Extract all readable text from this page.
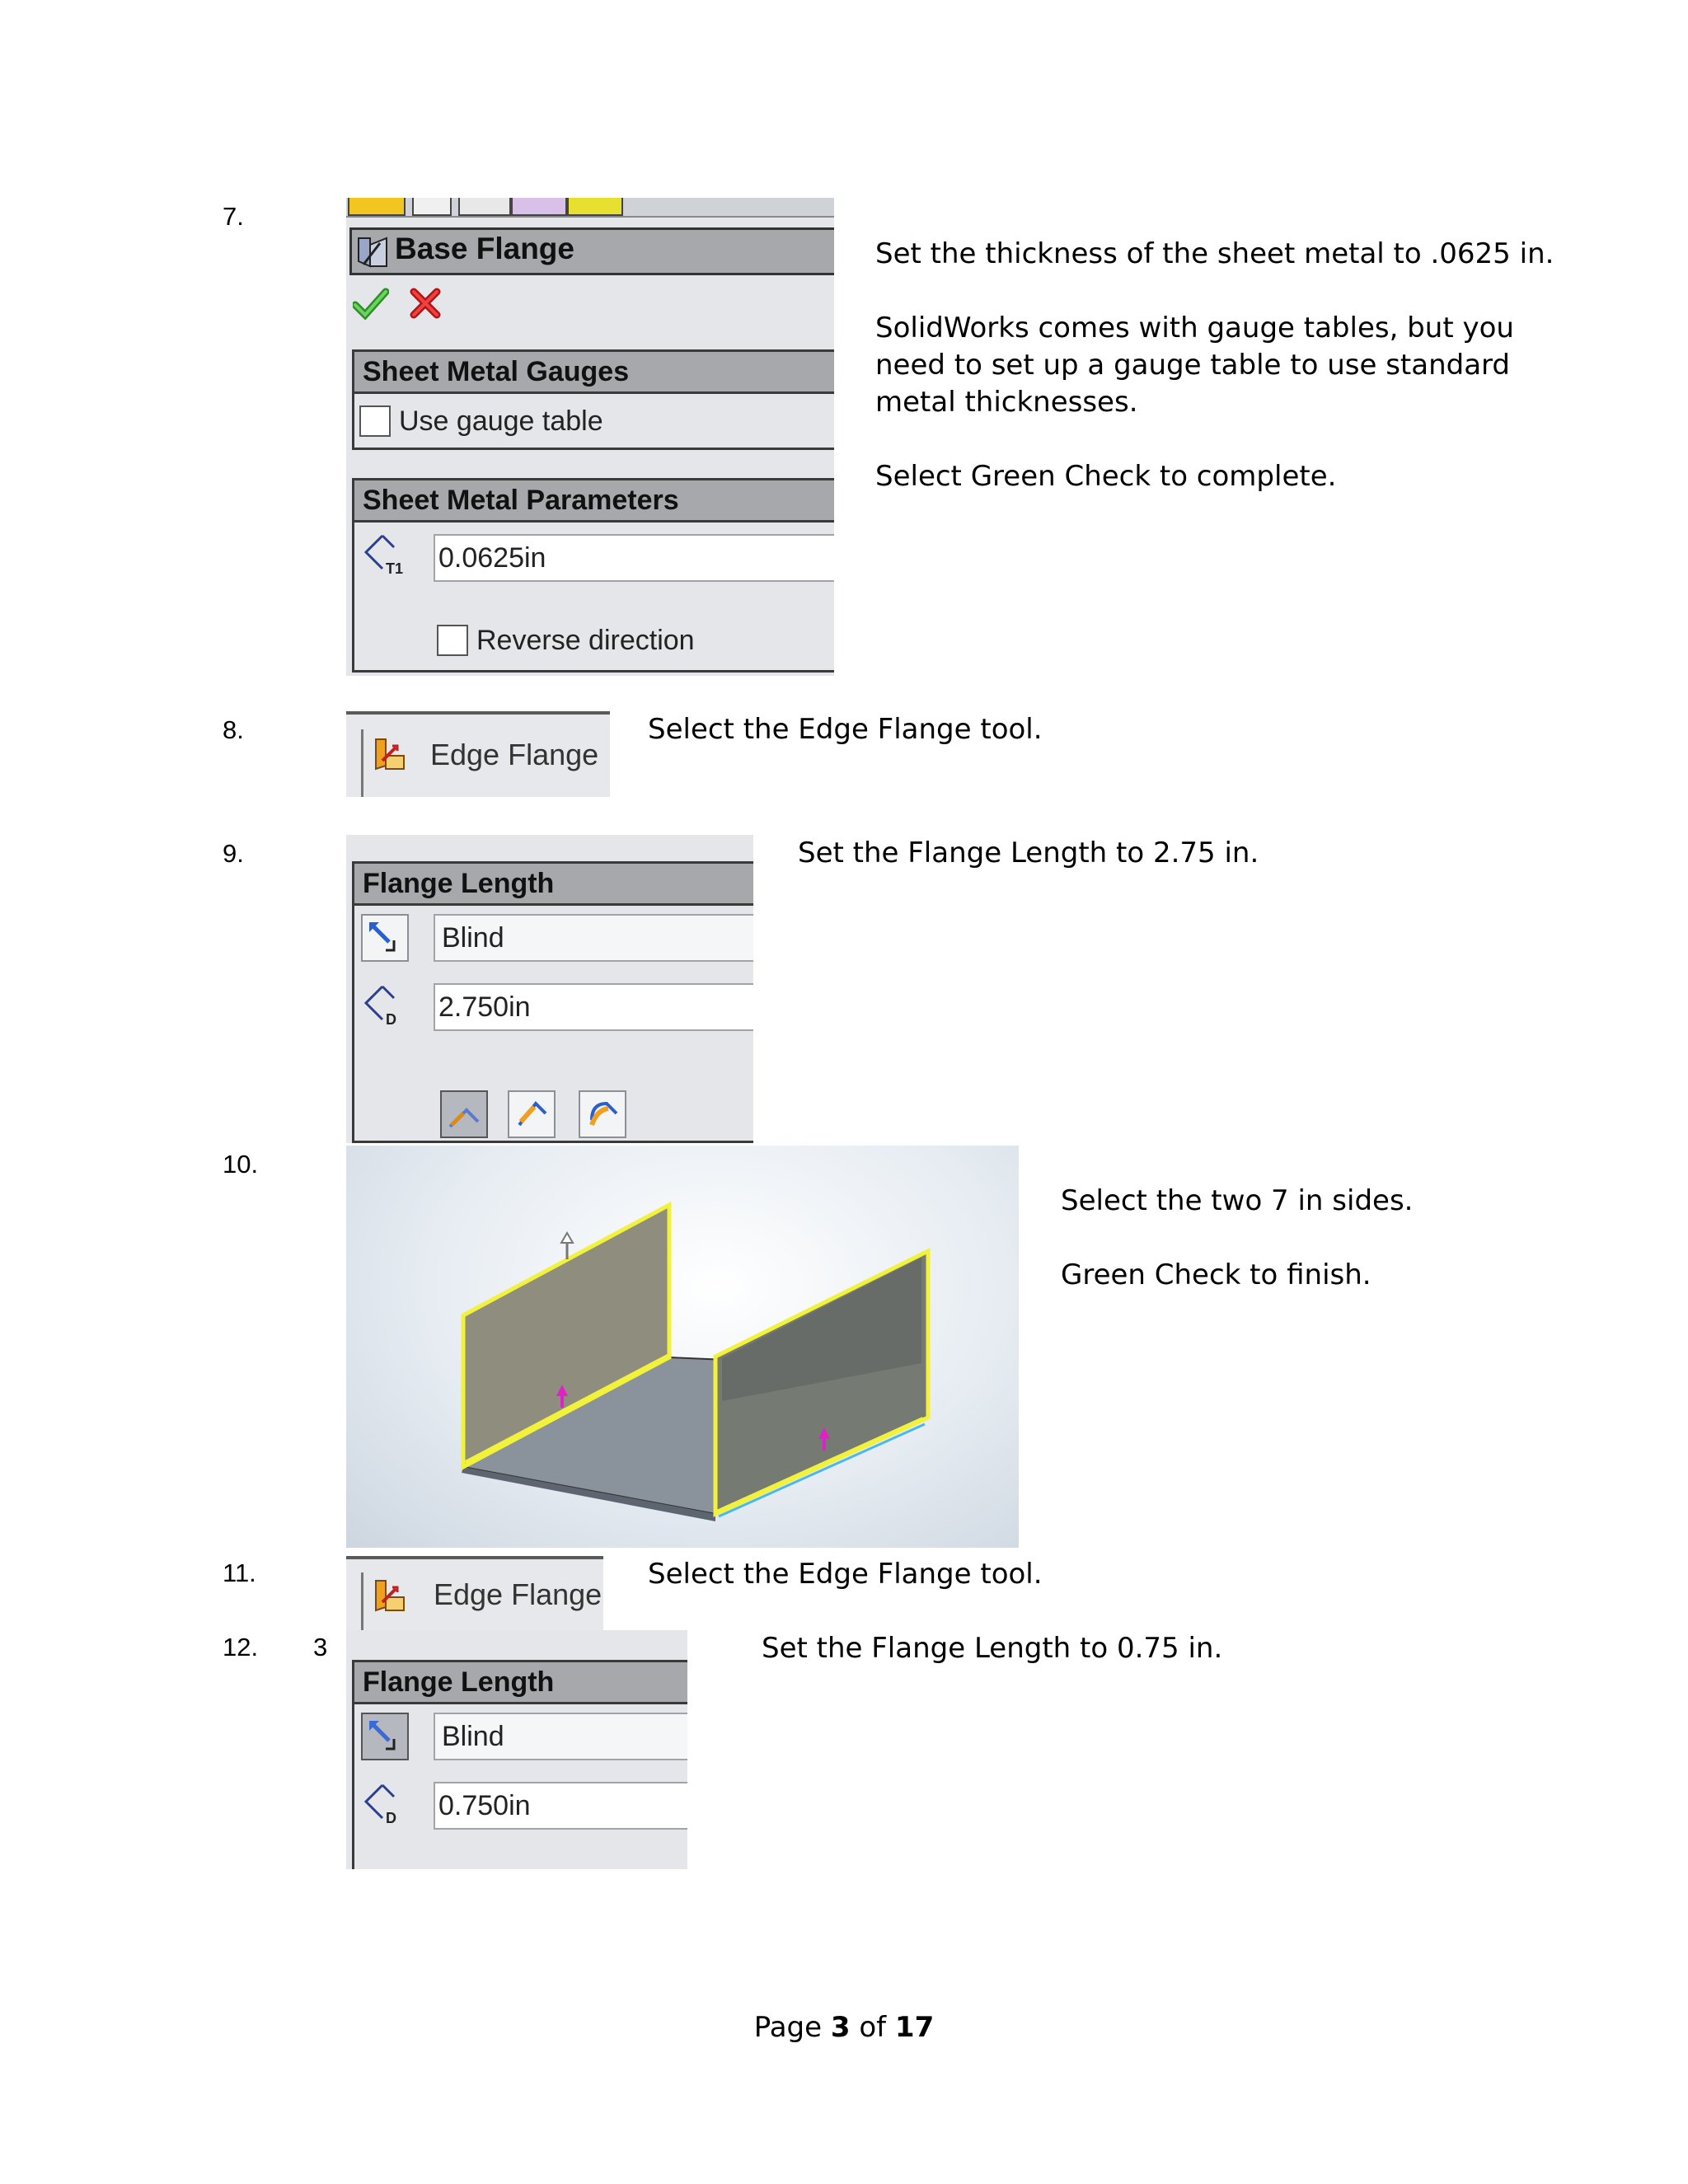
7.
Base Flange
Sheet Metal Gauges
Use gauge table
Sheet Metal Parameters
T1 0.0625in
Reverse direction

Set the thickness of the sheet metal to .0625 in.

SolidWorks comes with gauge tables, but you need to set up a gauge table to use standard metal thicknesses.

Select Green Check to complete.

8.
Edge Flange

Select the Edge Flange tool.

9.
Flange Length
Blind
D 2.750in

Set the Flange Length to 2.75 in.

10.

Select the two 7 in sides.

Green Check to finish.

11.
Edge Flange

Select the Edge Flange tool.

12. 3
Flange Length
Blind
D 0.750in

Set the Flange Length to 0.75 in.

Page 3 of 17
